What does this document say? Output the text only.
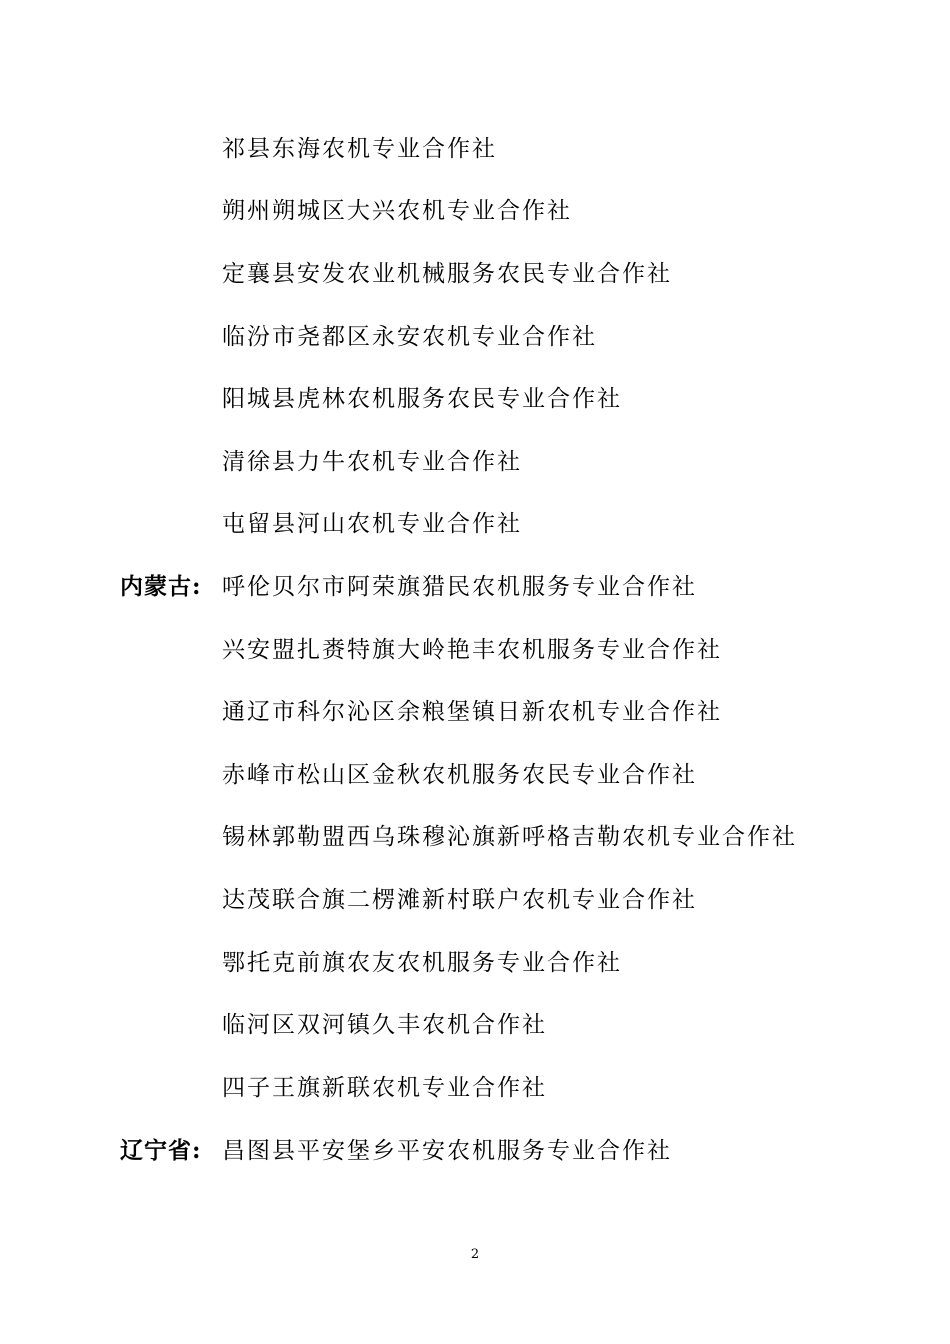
祁县东海农机专业合作社
朔州朔城区大兴农机专业合作社
定襄县安发农业机械服务农民专业合作社
临汾市尧都区永安农机专业合作社
阳城县虎林农机服务农民专业合作社
清徐县力牛农机专业合作社
屯留县河山农机专业合作社
内蒙古: 呼伦贝尔市阿荣旗猎民农机服务专业合作社
兴安盟扎赉特旗大岭艳丰农机服务专业合作社
通辽市科尔沁区余粮堡镇日新农机专业合作社
赤峰市松山区金秋农机服务农民专业合作社
锡林郭勒盟西乌珠穆沁旗新呼格吉勒农机专业合作社
达茂联合旗二楞滩新村联户农机专业合作社
鄂托克前旗农友农机服务专业合作社
临河区双河镇久丰农机合作社
四子王旗新联农机专业合作社
辽宁省: 昌图县平安堡乡平安农机服务专业合作社
2
